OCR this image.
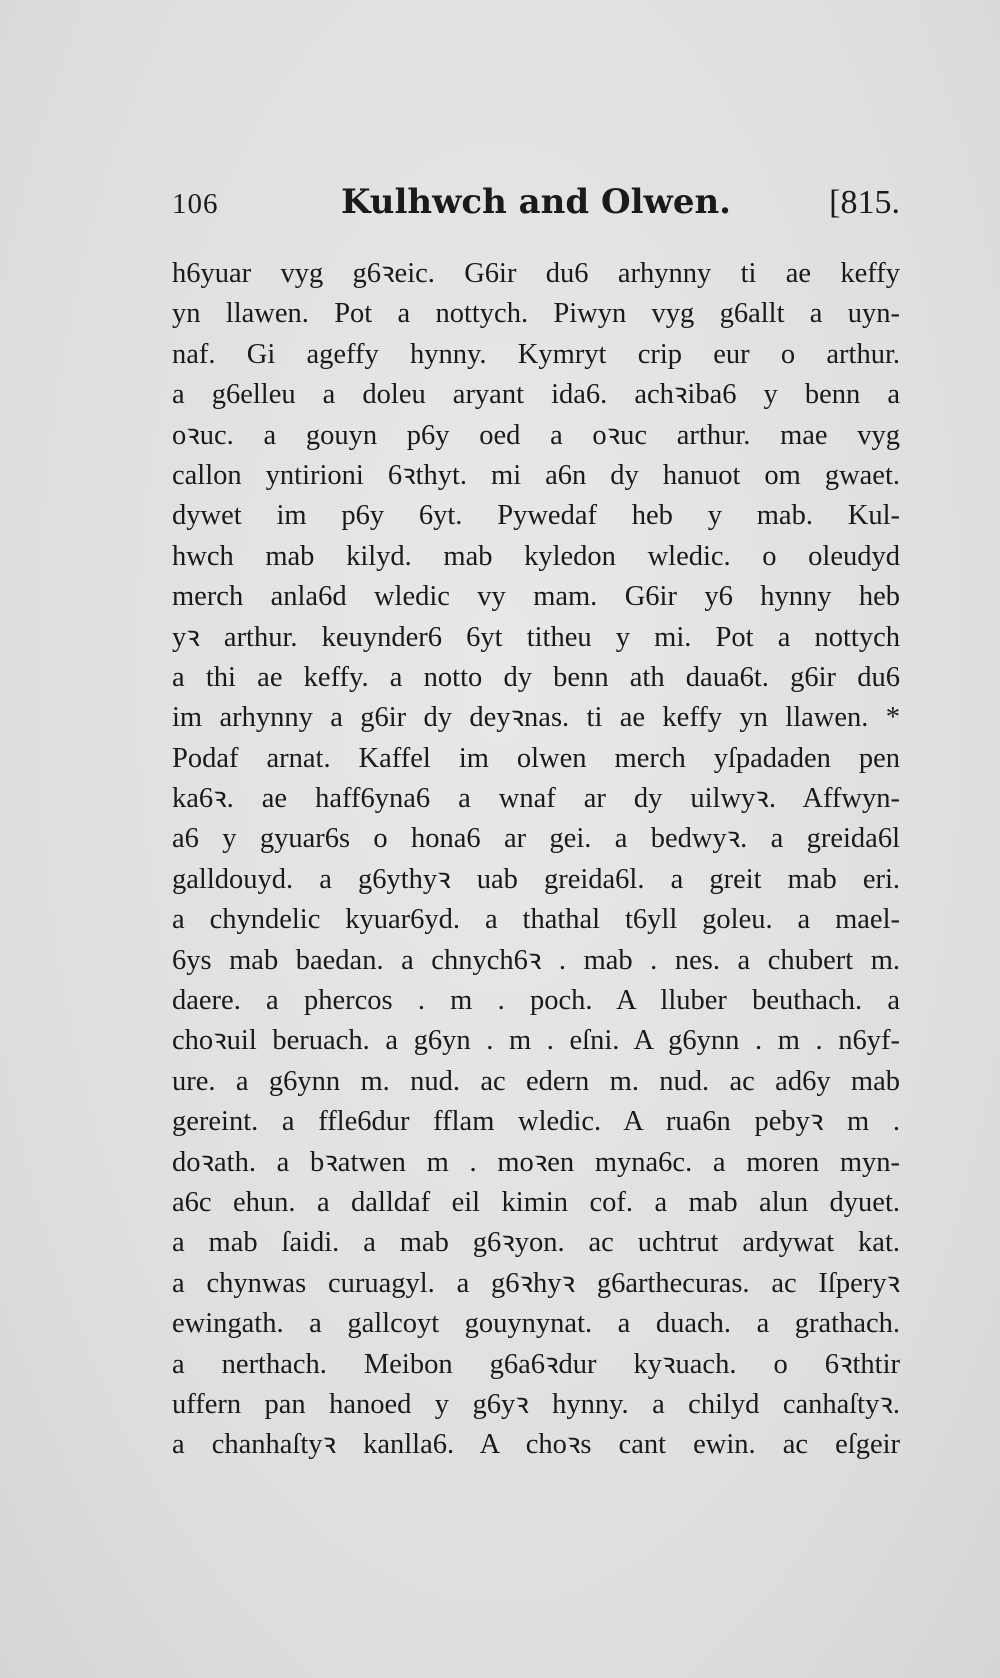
106	Kulhwch and Olwen.	[815.
h6yuar vyg g6ꝛeic. G6ir du6 arhynny ti ae keffy
yn llawen. Pot a nottych. Piwyn vyg g6allt a uyn-
naf. Gi ageffy hynny. Kymryt crip eur o arthur.
a g6elleu a doleu aryant ida6. achꝛiba6 y benn a
oꝛuc. a gouyn p6y oed a oꝛuc arthur. mae vyg
callon yntirioni 6ꝛthyt. mi a6n dy hanuot om gwaet.
dywet im p6y 6yt. Pywedaf heb y mab. Kul-
hwch mab kilyd. mab kyledon wledic. o oleudyd
merch anla6d wledic vy mam. G6ir y6 hynny heb
yꝛ arthur. keuynder6 6yt titheu y mi. Pot a nottych
a thi ae keffy. a notto dy benn ath daua6t. g6ir du6
im arhynny a g6ir dy deyꝛnas. ti ae keffy yn llawen. *
Podaf arnat. Kaffel im olwen merch yſpadaden pen
ka6ꝛ. ae haff6yna6 a wnaf ar dy uilwyꝛ. Affwyn-
a6 y gyuar6s o hona6 ar gei. a bedwyꝛ. a greida6l
galldouyd. a g6ythyꝛ uab greida6l. a greit mab eri.
a chyndelic kyuar6yd. a thathal t6yll goleu. a mael-
6ys mab baedan. a chnych6ꝛ . mab . nes. a chubert m.
daere. a phercos . m . poch. A lluber beuthach. a
choꝛuil beruach. a g6yn . m . eſni. A g6ynn . m . n6yf-
ure. a g6ynn m. nud. ac edern m. nud. ac ad6y mab
gereint. a ffle6dur fflam wledic. A rua6n pebyꝛ m .
doꝛath. a bꝛatwen m . moꝛen myna6c. a moren myn-
a6c ehun. a dalldaf eil kimin cof. a mab alun dyuet.
a mab ſaidi. a mab g6ꝛyon. ac uchtrut ardywat kat.
a chynwas curuagyl. a g6ꝛhyꝛ g6arthecuras. ac Iſperyꝛ
ewingath. a gallcoyt gouynynat. a duach. a grathach.
a nerthach. Meibon g6a6ꝛdur kyꝛuach. o 6ꝛthtir
uffern pan hanoed y g6yꝛ hynny. a chilyd canhaſtyꝛ.
a chanhaſtyꝛ kanlla6. A choꝛs cant ewin. ac eſgeir
